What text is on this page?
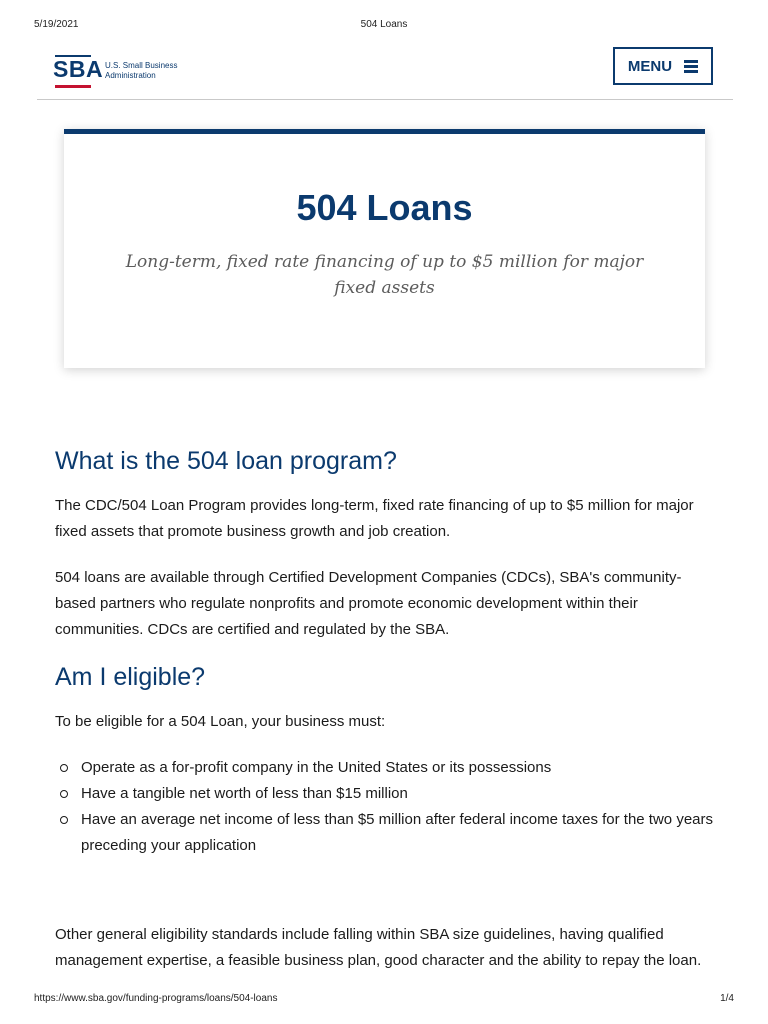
5/19/2021	504 Loans
SBA U.S. Small Business
Administration
MENU
504 Loans

Long-term, fixed rate financing of up to $5 million for major fixed assets

What is the 504 loan program?

The CDC/504 Loan Program provides long-term, fixed rate financing of up to $5 million for major fixed assets that promote business growth and job creation.

504 loans are available through Certified Development Companies (CDCs), SBA's community-based partners who regulate nonprofits and promote economic development within their communities. CDCs are certified and regulated by the SBA.

Am I eligible?

To be eligible for a 504 Loan, your business must:

Operate as a for-profit company in the United States or its possessions
Have a tangible net worth of less than $15 million
Have an average net income of less than $5 million after federal income taxes for the two years preceding your application

Other general eligibility standards include falling within SBA size guidelines, having qualified management expertise, a feasible business plan, good character and the ability to repay the loan.

https://www.sba.gov/funding-programs/loans/504-loans	1/4
